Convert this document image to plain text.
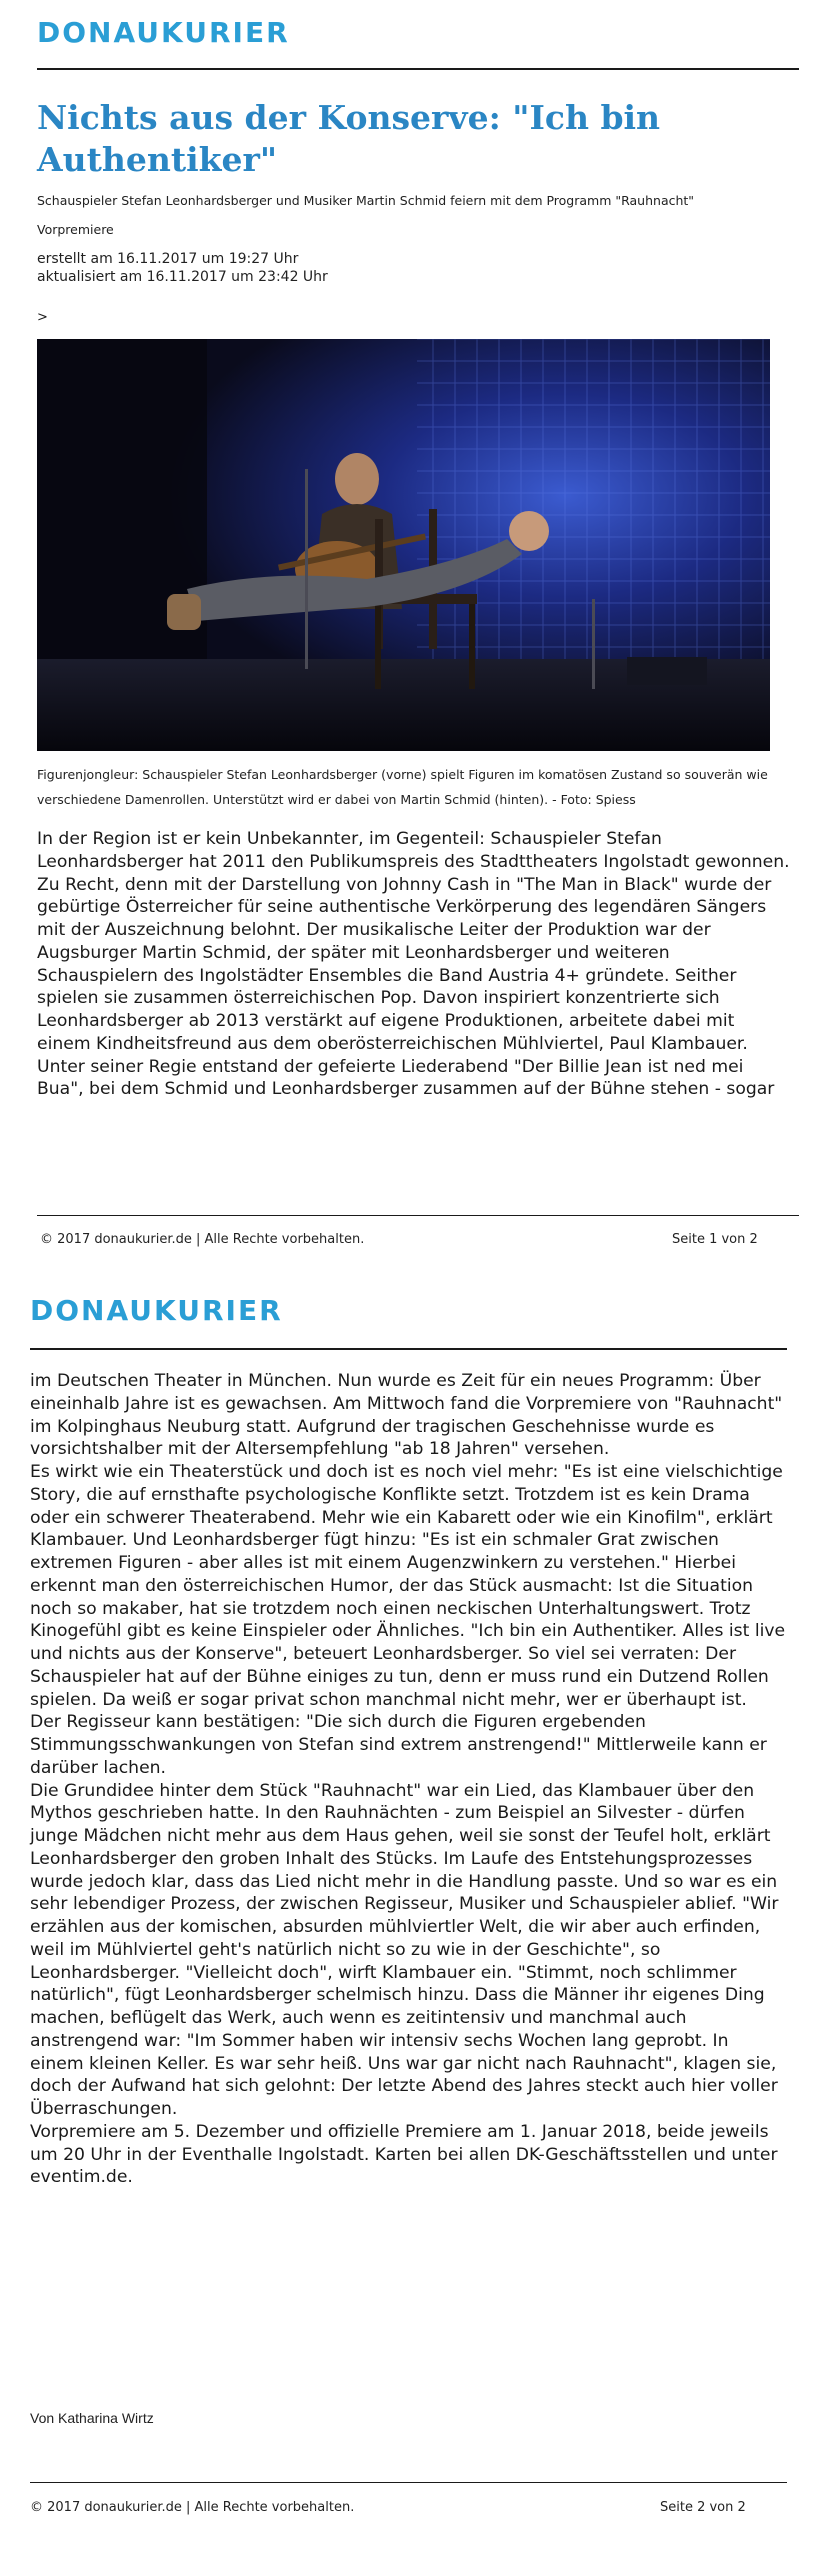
DONAUKURIER
Nichts aus der Konserve: "Ich bin Authentiker"
Schauspieler Stefan Leonhardsberger und Musiker Martin Schmid feiern mit dem Programm "Rauhnacht"
Vorpremiere
erstellt am 16.11.2017 um 19:27 Uhr
aktualisiert am 16.11.2017 um 23:42 Uhr
>
Figurenjongleur: Schauspieler Stefan Leonhardsberger (vorne) spielt Figuren im komatösen Zustand so souverän wie verschiedene Damenrollen. Unterstützt wird er dabei von Martin Schmid (hinten). - Foto: Spiess

In der Region ist er kein Unbekannter, im Gegenteil: Schauspieler Stefan Leonhardsberger hat 2011 den Publikumspreis des Stadttheaters Ingolstadt gewonnen. Zu Recht, denn mit der Darstellung von Johnny Cash in "The Man in Black" wurde der gebürtige Österreicher für seine authentische Verkörperung des legendären Sängers mit der Auszeichnung belohnt. Der musikalische Leiter der Produktion war der Augsburger Martin Schmid, der später mit Leonhardsberger und weiteren Schauspielern des Ingolstädter Ensembles die Band Austria 4+ gründete. Seither spielen sie zusammen österreichischen Pop. Davon inspiriert konzentrierte sich Leonhardsberger ab 2013 verstärkt auf eigene Produktionen, arbeitete dabei mit einem Kindheitsfreund aus dem oberösterreichischen Mühlviertel, Paul Klambauer. Unter seiner Regie entstand der gefeierte Liederabend "Der Billie Jean ist ned mei Bua", bei dem Schmid und Leonhardsberger zusammen auf der Bühne stehen - sogar

© 2017 donaukurier.de | Alle Rechte vorbehalten.	Seite 1 von 2
DONAUKURIER

im Deutschen Theater in München. Nun wurde es Zeit für ein neues Programm: Über eineinhalb Jahre ist es gewachsen. Am Mittwoch fand die Vorpremiere von "Rauhnacht" im Kolpinghaus Neuburg statt. Aufgrund der tragischen Geschehnisse wurde es vorsichtshalber mit der Altersempfehlung "ab 18 Jahren" versehen.

Es wirkt wie ein Theaterstück und doch ist es noch viel mehr: "Es ist eine vielschichtige Story, die auf ernsthafte psychologische Konflikte setzt. Trotzdem ist es kein Drama oder ein schwerer Theaterabend. Mehr wie ein Kabarett oder wie ein Kinofilm", erklärt Klambauer. Und Leonhardsberger fügt hinzu: "Es ist ein schmaler Grat zwischen extremen Figuren - aber alles ist mit einem Augenzwinkern zu verstehen." Hierbei erkennt man den österreichischen Humor, der das Stück ausmacht: Ist die Situation noch so makaber, hat sie trotzdem noch einen neckischen Unterhaltungswert. Trotz Kinogefühl gibt es keine Einspieler oder Ähnliches. "Ich bin ein Authentiker. Alles ist live und nichts aus der Konserve", beteuert Leonhardsberger. So viel sei verraten: Der Schauspieler hat auf der Bühne einiges zu tun, denn er muss rund ein Dutzend Rollen spielen. Da weiß er sogar privat schon manchmal nicht mehr, wer er überhaupt ist.

Der Regisseur kann bestätigen: "Die sich durch die Figuren ergebenden Stimmungsschwankungen von Stefan sind extrem anstrengend!" Mittlerweile kann er darüber lachen.

Die Grundidee hinter dem Stück "Rauhnacht" war ein Lied, das Klambauer über den Mythos geschrieben hatte. In den Rauhnächten - zum Beispiel an Silvester - dürfen junge Mädchen nicht mehr aus dem Haus gehen, weil sie sonst der Teufel holt, erklärt Leonhardsberger den groben Inhalt des Stücks. Im Laufe des Entstehungsprozesses wurde jedoch klar, dass das Lied nicht mehr in die Handlung passte. Und so war es ein sehr lebendiger Prozess, der zwischen Regisseur, Musiker und Schauspieler ablief. "Wir erzählen aus der komischen, absurden mühlviertler Welt, die wir aber auch erfinden, weil im Mühlviertel geht's natürlich nicht so zu wie in der Geschichte", so Leonhardsberger. "Vielleicht doch", wirft Klambauer ein. "Stimmt, noch schlimmer natürlich", fügt Leonhardsberger schelmisch hinzu. Dass die Männer ihr eigenes Ding machen, beflügelt das Werk, auch wenn es zeitintensiv und manchmal auch anstrengend war: "Im Sommer haben wir intensiv sechs Wochen lang geprobt. In einem kleinen Keller. Es war sehr heiß. Uns war gar nicht nach Rauhnacht", klagen sie, doch der Aufwand hat sich gelohnt: Der letzte Abend des Jahres steckt auch hier voller Überraschungen.

Vorpremiere am 5. Dezember und offizielle Premiere am 1. Januar 2018, beide jeweils um 20 Uhr in der Eventhalle Ingolstadt. Karten bei allen DK-Geschäftsstellen und unter eventim.de.

Von Katharina Wirtz
© 2017 donaukurier.de | Alle Rechte vorbehalten.	Seite 2 von 2
